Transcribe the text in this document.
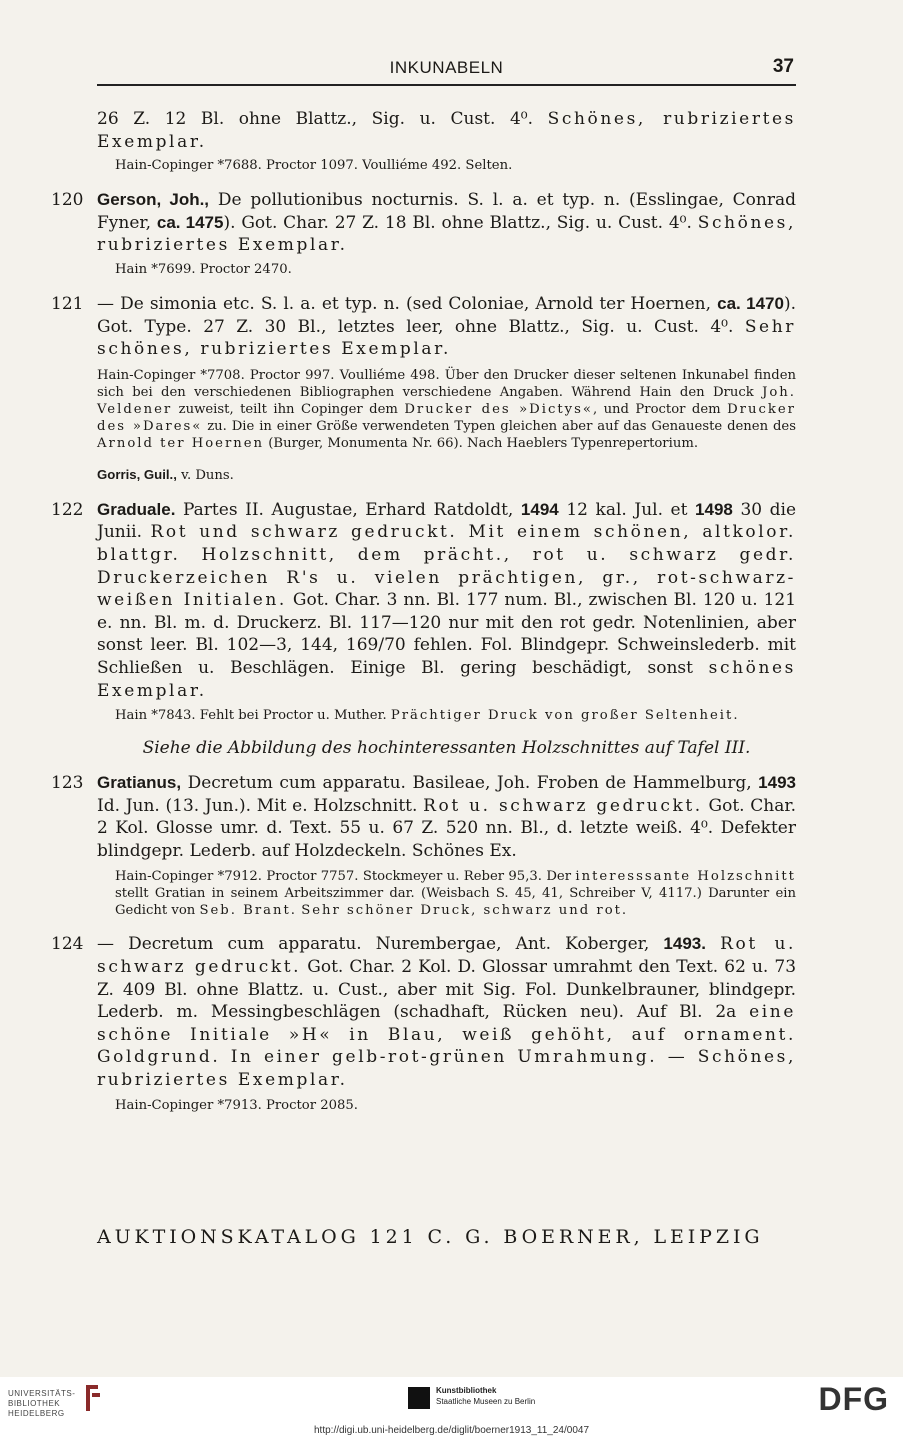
INKUNABELN	37

26 Z. 12 Bl. ohne Blattz., Sig. u. Cust. 4⁰. Schönes, rubriziertes Exemplar.

Hain-Copinger *7688. Proctor 1097. Voulliéme 492. Selten.

120 Gerson, Joh., De pollutionibus nocturnis. S. l. a. et typ. n. (Esslingae, Conrad Fyner, ca. 1475). Got. Char. 27 Z. 18 Bl. ohne Blattz., Sig. u. Cust. 4⁰. Schönes, rubriziertes Exemplar.

Hain *7699. Proctor 2470.

121 — De simonia etc. S. l. a. et typ. n. (sed Coloniae, Arnold ter Hoernen, ca. 1470). Got. Type. 27 Z. 30 Bl., letztes leer, ohne Blattz., Sig. u. Cust. 4⁰. Sehr schönes, rubriziertes Exemplar.

Hain-Copinger *7708. Proctor 997. Voulliéme 498. Über den Drucker dieser seltenen Inkunabel finden sich bei den verschiedenen Bibliographen verschiedene Angaben. Während Hain den Druck Joh. Veldener zuweist, teilt ihn Copinger dem Drucker des »Dictys«, und Proctor dem Drucker des »Dares« zu. Die in einer Größe verwendeten Typen gleichen aber auf das Genaueste denen des Arnold ter Hoernen (Burger, Monumenta Nr. 66). Nach Haeblers Typenrepertorium.

Gorris, Guil., v. Duns.

122 Graduale. Partes II. Augustae, Erhard Ratdoldt, 1494 12 kal. Jul. et 1498 30 die Junii. Rot und schwarz gedruckt. Mit einem schönen, altkolor. blattgr. Holzschnitt, dem prächt., rot u. schwarz gedr. Druckerzeichen R's u. vielen prächtigen, gr., rot-schwarz-weißen Initialen. Got. Char. 3 nn. Bl. 177 num. Bl., zwischen Bl. 120 u. 121 e. nn. Bl. m. d. Druckerz. Bl. 117—120 nur mit den rot gedr. Notenlinien, aber sonst leer. Bl. 102—3, 144, 169/70 fehlen. Fol. Blindgepr. Schweinslederb. mit Schließen u. Beschlägen. Einige Bl. gering beschädigt, sonst schönes Exemplar.

Hain *7843. Fehlt bei Proctor u. Muther. Prächtiger Druck von großer Seltenheit.

Siehe die Abbildung des hochinteressanten Holzschnittes auf Tafel III.

123 Gratianus, Decretum cum apparatu. Basileae, Joh. Froben de Hammelburg, 1493 Id. Jun. (13. Jun.). Mit e. Holzschnitt. Rot u. schwarz gedruckt. Got. Char. 2 Kol. Glosse umr. d. Text. 55 u. 67 Z. 520 nn. Bl., d. letzte weiß. 4⁰. Defekter blindgepr. Lederb. auf Holzdeckeln. Schönes Ex.

Hain-Copinger *7912. Proctor 7757. Stockmeyer u. Reber 95,3. Der interesssante Holzschnitt stellt Gratian in seinem Arbeitszimmer dar. (Weisbach S. 45, 41, Schreiber V, 4117.) Darunter ein Gedicht von Seb. Brant. Sehr schöner Druck, schwarz und rot.

124 — Decretum cum apparatu. Nurembergae, Ant. Koberger, 1493. Rot u. schwarz gedruckt. Got. Char. 2 Kol. D. Glossar umrahmt den Text. 62 u. 73 Z. 409 Bl. ohne Blattz. u. Cust., aber mit Sig. Fol. Dunkelbrauner, blindgepr. Lederb. m. Messingbeschlägen (schadhaft, Rücken neu). Auf Bl. 2a eine schöne Initiale »H« in Blau, weiß gehöht, auf ornament. Goldgrund. In einer gelb-rot-grünen Umrahmung. — Schönes, rubriziertes Exemplar.

Hain-Copinger *7913. Proctor 2085.

AUKTIONSKATALOG 121 C. G. BOERNER, LEIPZIG
UNIVERSITÄTS-
BIBLIOTHEK
HEIDELBERG
Kunstbibliothek
Staatliche Museen zu Berlin	DFG
http://digi.ub.uni-heidelberg.de/diglit/boerner1913_11_24/0047
